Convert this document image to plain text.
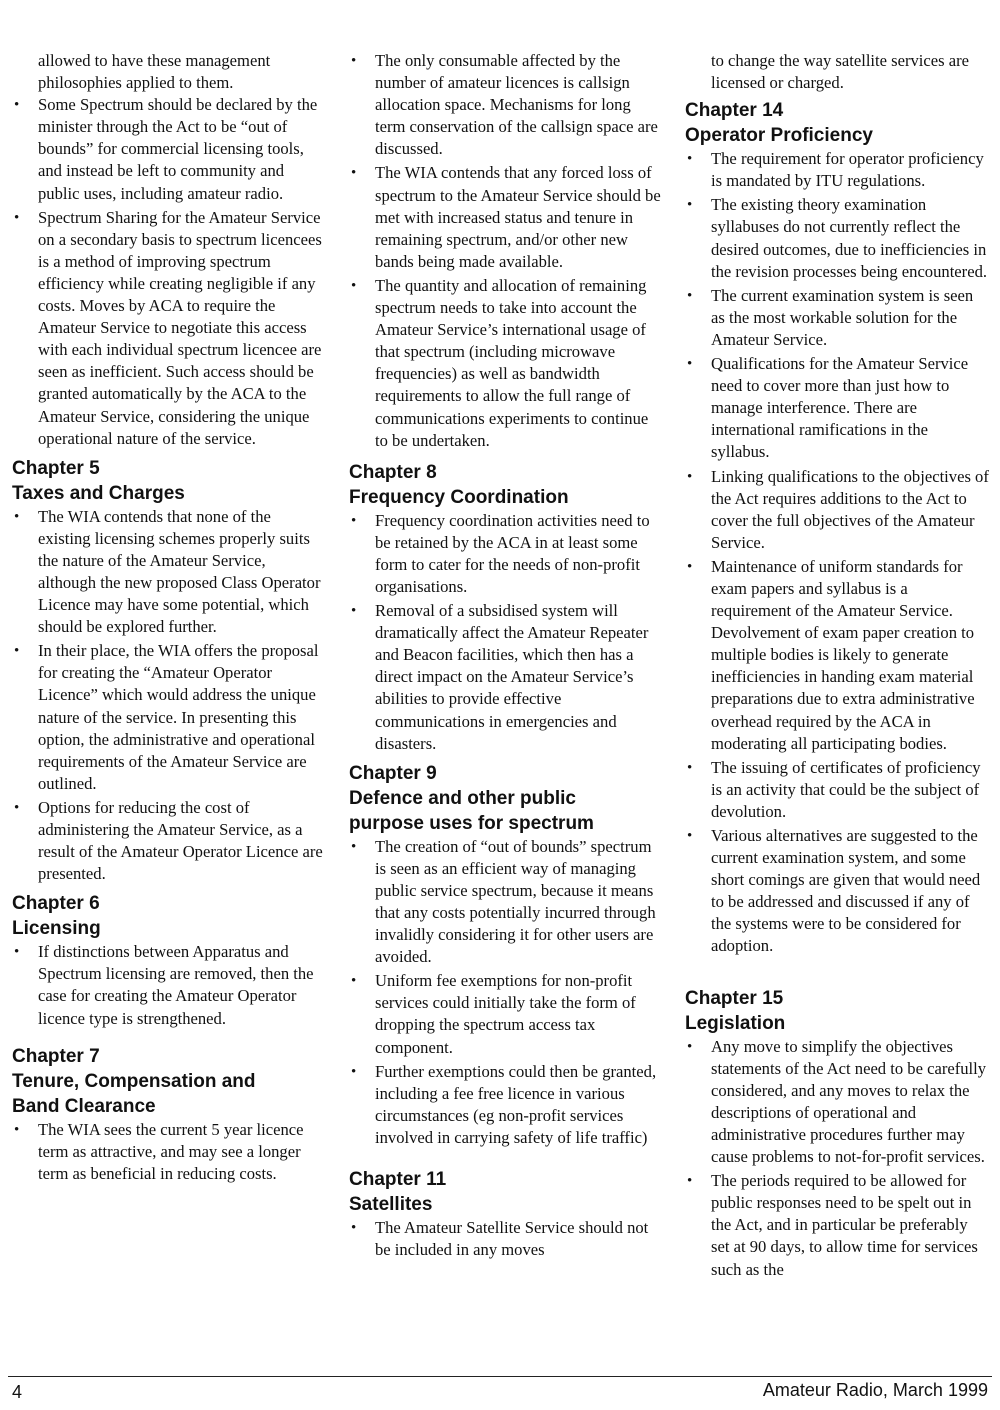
allowed to have these management philosophies applied to them.

• Some Spectrum should be declared by the minister through the Act to be “out of bounds” for commercial licensing tools, and instead be left to community and public uses, including amateur radio.
• Spectrum Sharing for the Amateur Service on a secondary basis to spectrum licencees is a method of improving spectrum efficiency while creating negligible if any costs. Moves by ACA to require the Amateur Service to negotiate this access with each individual spectrum licencee are seen as inefficient. Such access should be granted automatically by the ACA to the Amateur Service, considering the unique operational nature of the service.
Chapter 5
Taxes and Charges
• The WIA contends that none of the existing licensing schemes properly suits the nature of the Amateur Service, although the new proposed Class Operator Licence may have some potential, which should be explored further.
• In their place, the WIA offers the proposal for creating the “Amateur Operator Licence” which would address the unique nature of the service. In presenting this option, the administrative and operational requirements of the Amateur Service are outlined.
• Options for reducing the cost of administering the Amateur Service, as a result of the Amateur Operator Licence are presented.
Chapter 6
Licensing
• If distinctions between Apparatus and Spectrum licensing are removed, then the case for creating the Amateur Operator licence type is strengthened.
Chapter 7
Tenure, Compensation and
Band Clearance
• The WIA sees the current 5 year licence term as attractive, and may see a longer term as beneficial in reducing costs.
• The only consumable affected by the number of amateur licences is callsign allocation space. Mechanisms for long term conservation of the callsign space are discussed.
• The WIA contends that any forced loss of spectrum to the Amateur Service should be met with increased status and tenure in remaining spectrum, and/or other new bands being made available.
• The quantity and allocation of remaining spectrum needs to take into account the Amateur Service’s international usage of that spectrum (including microwave frequencies) as well as bandwidth requirements to allow the full range of communications experiments to continue to be undertaken.
Chapter 8
Frequency Coordination
• Frequency coordination activities need to be retained by the ACA in at least some form to cater for the needs of non-profit organisations.
• Removal of a subsidised system will dramatically affect the Amateur Repeater and Beacon facilities, which then has a direct impact on the Amateur Service’s abilities to provide effective communications in emergencies and disasters.
Chapter 9
Defence and other public
purpose uses for spectrum
• The creation of “out of bounds” spectrum is seen as an efficient way of managing public service spectrum, because it means that any costs potentially incurred through invalidly considering it for other users are avoided.
• Uniform fee exemptions for non-profit services could initially take the form of dropping the spectrum access tax component.
• Further exemptions could then be granted, including a fee free licence in various circumstances (eg non-profit services involved in carrying safety of life traffic)
Chapter 11
Satellites
• The Amateur Satellite Service should not be included in any moves

to change the way satellite services are licensed or charged.

Chapter 14
Operator Proficiency
• The requirement for operator proficiency is mandated by ITU regulations.
• The existing theory examination syllabuses do not currently reflect the desired outcomes, due to inefficiencies in the revision processes being encountered.
• The current examination system is seen as the most workable solution for the Amateur Service.
• Qualifications for the Amateur Service need to cover more than just how to manage interference. There are international ramifications in the syllabus.
• Linking qualifications to the objectives of the Act requires additions to the Act to cover the full objectives of the Amateur Service.
• Maintenance of uniform standards for exam papers and syllabus is a requirement of the Amateur Service. Devolvement of exam paper creation to multiple bodies is likely to generate inefficiencies in handing exam material preparations due to extra administrative overhead required by the ACA in moderating all participating bodies.
• The issuing of certificates of proficiency is an activity that could be the subject of devolution.
• Various alternatives are suggested to the current examination system, and some short comings are given that would need to be addressed and discussed if any of the systems were to be considered for adoption.
Chapter 15
Legislation
• Any move to simplify the objectives statements of the Act need to be carefully considered, and any moves to relax the descriptions of operational and administrative procedures further may cause problems to not-for-profit services.
• The periods required to be allowed for public responses need to be spelt out in the Act, and in particular be preferably set at 90 days, to allow time for services such as the
4	Amateur Radio, March 1999
